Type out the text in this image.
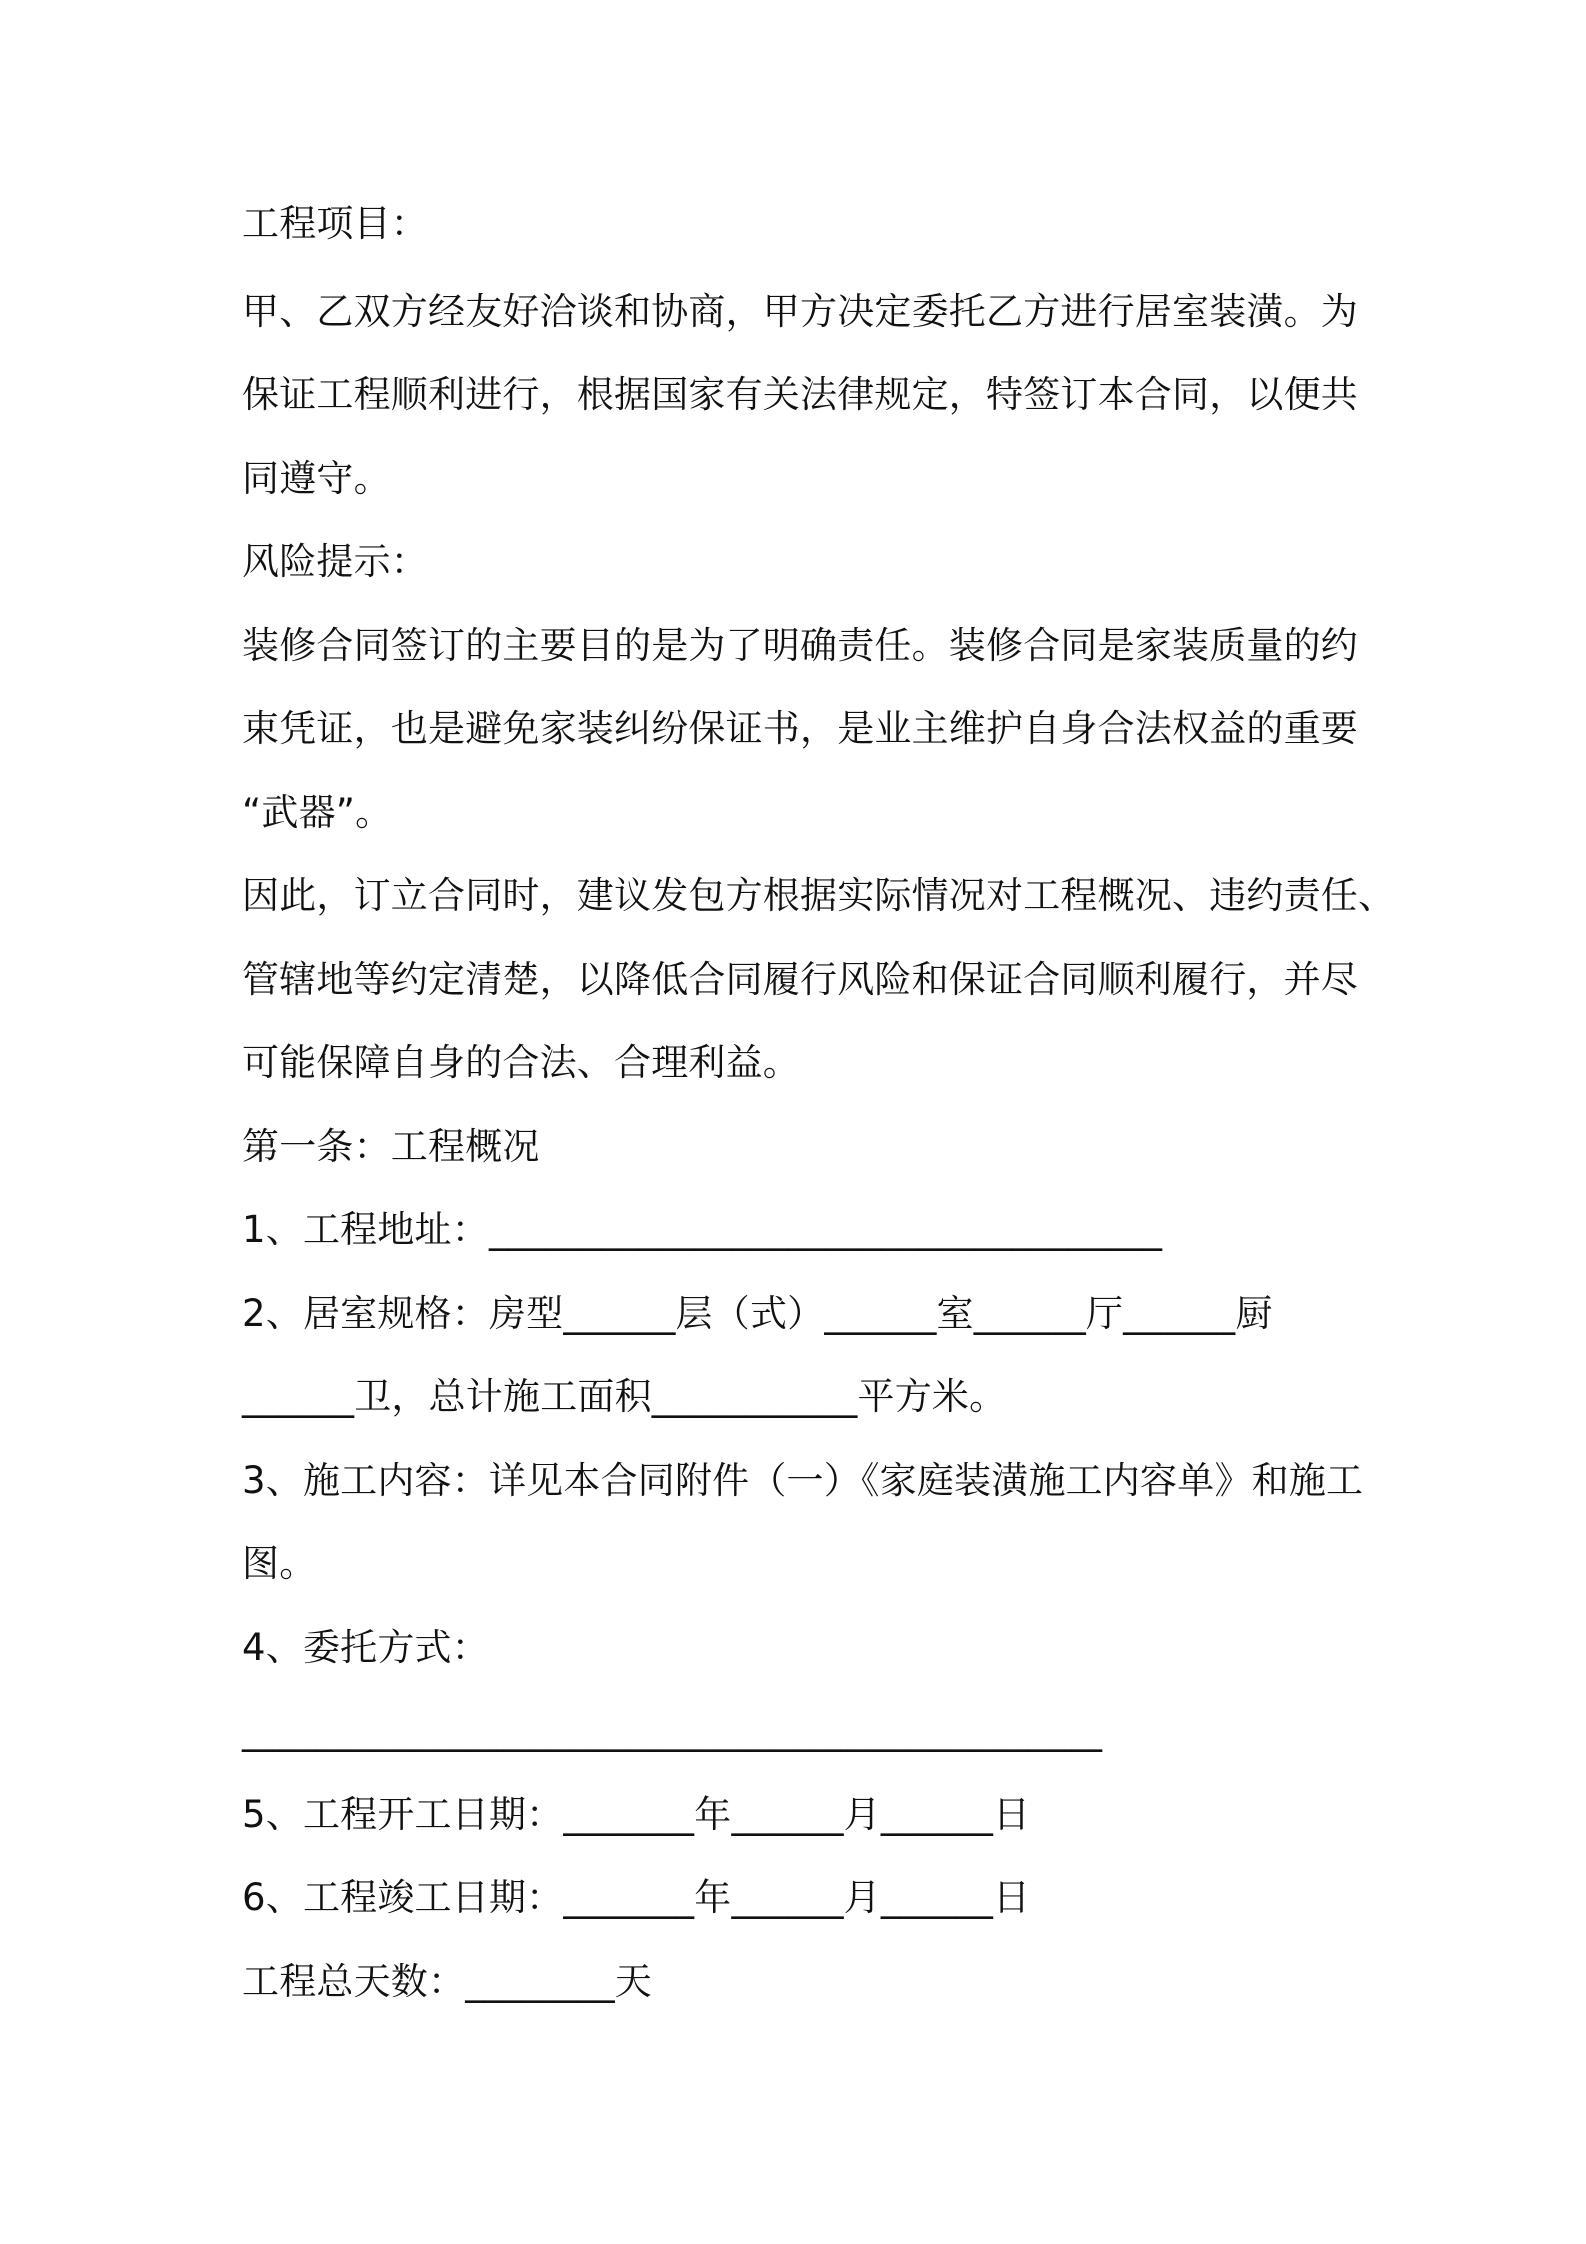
工程项目：
甲、乙双方经友好洽谈和协商，甲方决定委托乙方进行居室装潢。为
保证工程顺利进行，根据国家有关法律规定，特签订本合同，以便共
同遵守。
风险提示：
装修合同签订的主要目的是为了明确责任。装修合同是家装质量的约
束凭证，也是避免家装纠纷保证书，是业主维护自身合法权益的重要
“武器”。
因此，订立合同时，建议发包方根据实际情况对工程概况、违约责任、
管辖地等约定清楚，以降低合同履行风险和保证合同顺利履行，并尽
可能保障自身的合法、合理利益。
第一条：工程概况
1、工程地址：____________________________________
2、居室规格：房型______层（式）______室______厅______厨
______卫，总计施工面积___________平方米。
3、施工内容：详见本合同附件（一）《家庭装潢施工内容单》和施工
图。
4、委托方式：
______________________________________________
5、工程开工日期：_______年______月______日
6、工程竣工日期：_______年______月______日
工程总天数：________天
